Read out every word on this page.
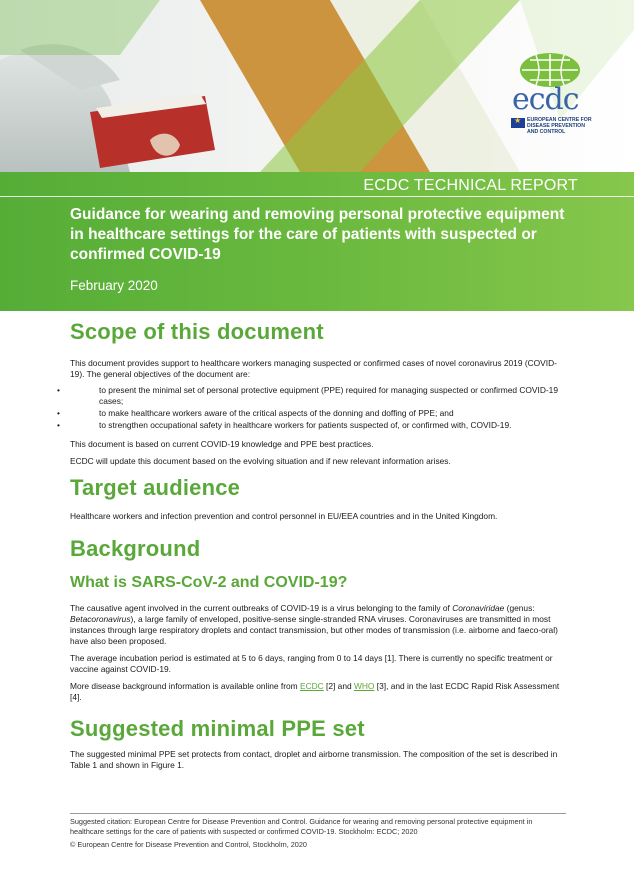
ecdc
★
EUROPEAN CENTRE FOR DISEASE PREVENTION AND CONTROL
ECDC TECHNICAL REPORT
Guidance for wearing and removing personal protective equipment in healthcare settings for the care of patients with suspected or confirmed COVID-19
February 2020
Scope of this document

This document provides support to healthcare workers managing suspected or confirmed cases of novel coronavirus 2019 (COVID-19). The general objectives of the document are:

• to present the minimal set of personal protective equipment (PPE) required for managing suspected or confirmed COVID-19 cases;
• to make healthcare workers aware of the critical aspects of the donning and doffing of PPE; and
• to strengthen occupational safety in healthcare workers for patients suspected of, or confirmed with, COVID-19.

This document is based on current COVID-19 knowledge and PPE best practices.

ECDC will update this document based on the evolving situation and if new relevant information arises.

Target audience

Healthcare workers and infection prevention and control personnel in EU/EEA countries and in the United Kingdom.

Background
What is SARS-CoV-2 and COVID-19?

The causative agent involved in the current outbreaks of COVID-19 is a virus belonging to the family of Coronaviridae (genus: Betacoronavirus), a large family of enveloped, positive-sense single-stranded RNA viruses. Coronaviruses are transmitted in most instances through large respiratory droplets and contact transmission, but other modes of transmission (i.e. airborne and faeco-oral) have also been proposed.

The average incubation period is estimated at 5 to 6 days, ranging from 0 to 14 days [1]. There is currently no specific treatment or vaccine against COVID-19.

More disease background information is available online from ECDC [2] and WHO [3], and in the last ECDC Rapid Risk Assessment [4].

Suggested minimal PPE set

The suggested minimal PPE set protects from contact, droplet and airborne transmission. The composition of the set is described in Table 1 and shown in Figure 1.

Suggested citation: European Centre for Disease Prevention and Control. Guidance for wearing and removing personal protective equipment in healthcare settings for the care of patients with suspected or confirmed COVID-19. Stockholm: ECDC; 2020
© European Centre for Disease Prevention and Control, Stockholm, 2020
